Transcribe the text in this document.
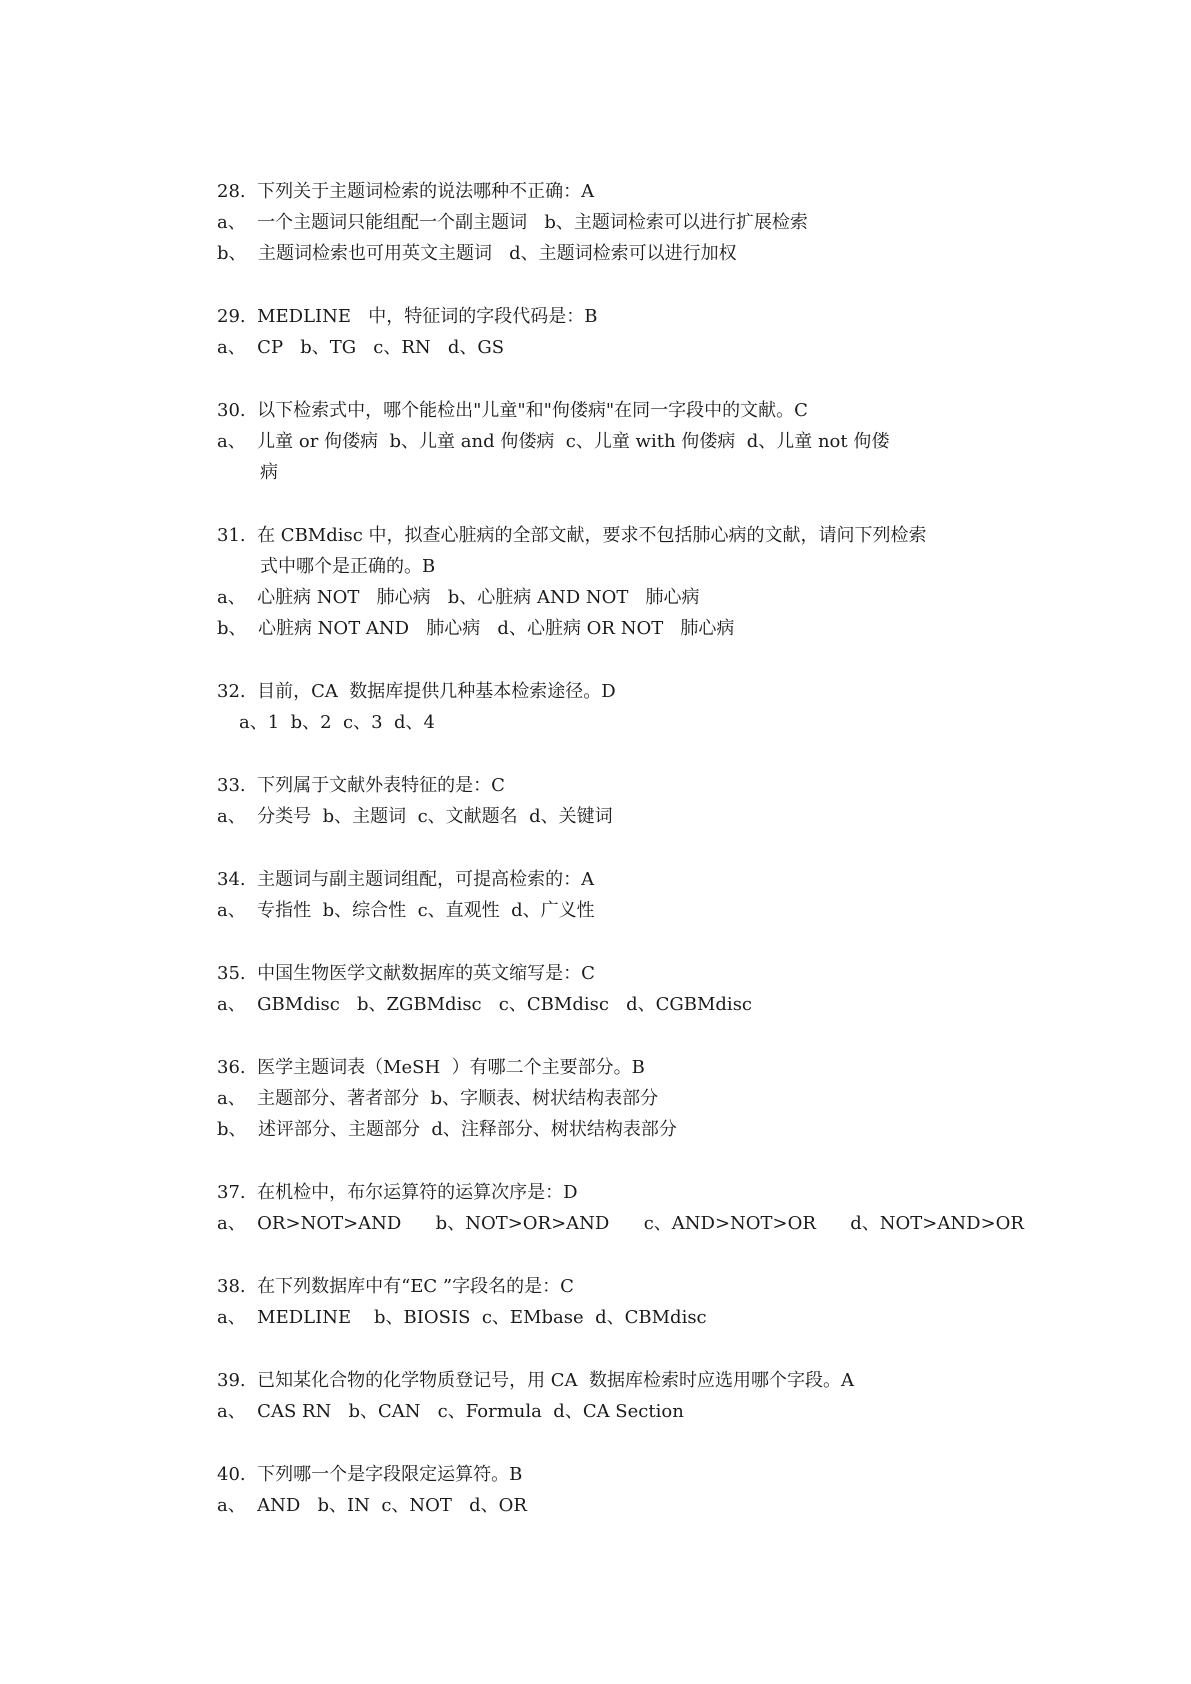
28.  下列关于主题词检索的说法哪种不正确：A

a、  一个主题词只能组配一个副主题词   b、主题词检索可以进行扩展检索

b、  主题词检索也可用英文主题词   d、主题词检索可以进行加权

29.  MEDLINE   中，特征词的字段代码是：B

a、  CP   b、TG   c、RN   d、GS

30.  以下检索式中，哪个能检出"儿童"和"佝偻病"在同一字段中的文献。C

a、  儿童 or 佝偻病  b、儿童 and 佝偻病  c、儿童 with 佝偻病  d、儿童 not 佝偻

病

31.  在 CBMdisc 中，拟查心脏病的全部文献，要求不包括肺心病的文献，请问下列检索

式中哪个是正确的。B

a、  心脏病 NOT   肺心病   b、心脏病 AND NOT   肺心病

b、  心脏病 NOT AND   肺心病   d、心脏病 OR NOT   肺心病

32.  目前，CA  数据库提供几种基本检索途径。D

a、1  b、2  c、3  d、4

33.  下列属于文献外表特征的是：C

a、  分类号  b、主题词  c、文献题名  d、关键词

34.  主题词与副主题词组配，可提高检索的：A

a、  专指性  b、综合性  c、直观性  d、广义性

35.  中国生物医学文献数据库的英文缩写是：C

a、  GBMdisc   b、ZGBMdisc   c、CBMdisc   d、CGBMdisc

36.  医学主题词表（MeSH  ）有哪二个主要部分。B

a、  主题部分、著者部分  b、字顺表、树状结构表部分

b、  述评部分、主题部分  d、注释部分、树状结构表部分

37.  在机检中，布尔运算符的运算次序是：D

a、  OR>NOT>AND      b、NOT>OR>AND      c、AND>NOT>OR      d、NOT>AND>OR

38.  在下列数据库中有“EC ”字段名的是：C

a、  MEDLINE    b、BIOSIS  c、EMbase  d、CBMdisc

39.  已知某化合物的化学物质登记号，用 CA  数据库检索时应选用哪个字段。A

a、  CAS RN   b、CAN   c、Formula  d、CA Section

40.  下列哪一个是字段限定运算符。B

a、  AND   b、IN  c、NOT   d、OR
